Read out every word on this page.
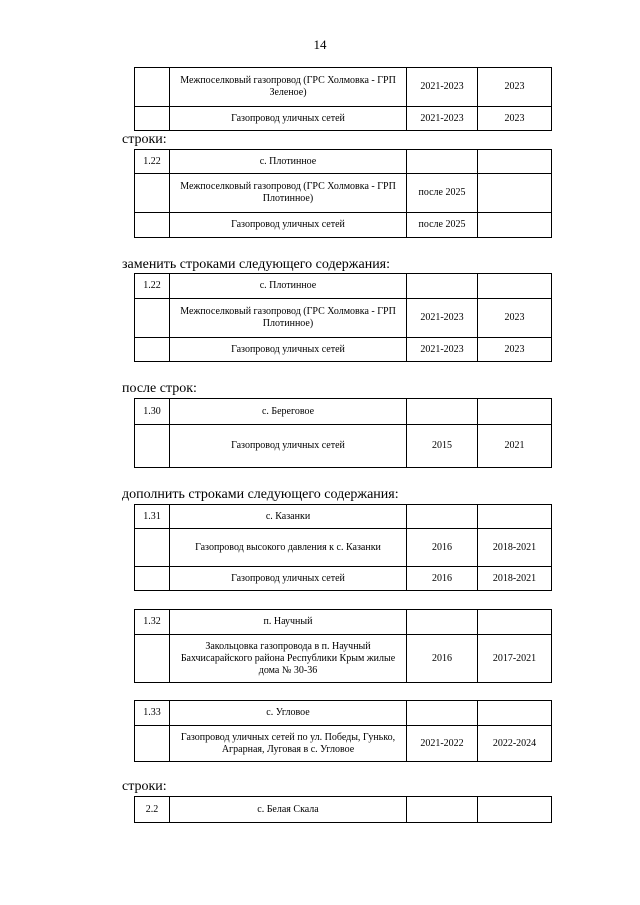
14
	Межпоселковый газопровод (ГРС Холмовка - ГРП Зеленое)	2021-2023	2023
	Газопровод уличных сетей	2021-2023	2023
строки:
1.22	с. Плотинное		
	Межпоселковый газопровод (ГРС Холмовка - ГРП Плотинное)	после 2025	
	Газопровод уличных сетей	после 2025	
заменить строками следующего содержания:
1.22	с. Плотинное		
	Межпоселковый газопровод (ГРС Холмовка - ГРП Плотинное)	2021-2023	2023
	Газопровод уличных сетей	2021-2023	2023
после строк:
1.30	с. Береговое		
	Газопровод уличных сетей	2015	2021
дополнить строками следующего содержания:
1.31	с. Казанки		
	Газопровод высокого давления к с. Казанки	2016	2018-2021
	Газопровод уличных сетей	2016	2018-2021
1.32	п. Научный		
	Закольцовка газопровода в п. Научный Бахчисарайского района Республики Крым жилые дома № 30-36	2016	2017-2021
1.33	с. Угловое		
	Газопровод уличных сетей по ул. Победы, Гунько, Аграрная, Луговая в с. Угловое	2021-2022	2022-2024
строки:
2.2	с. Белая Скала		
